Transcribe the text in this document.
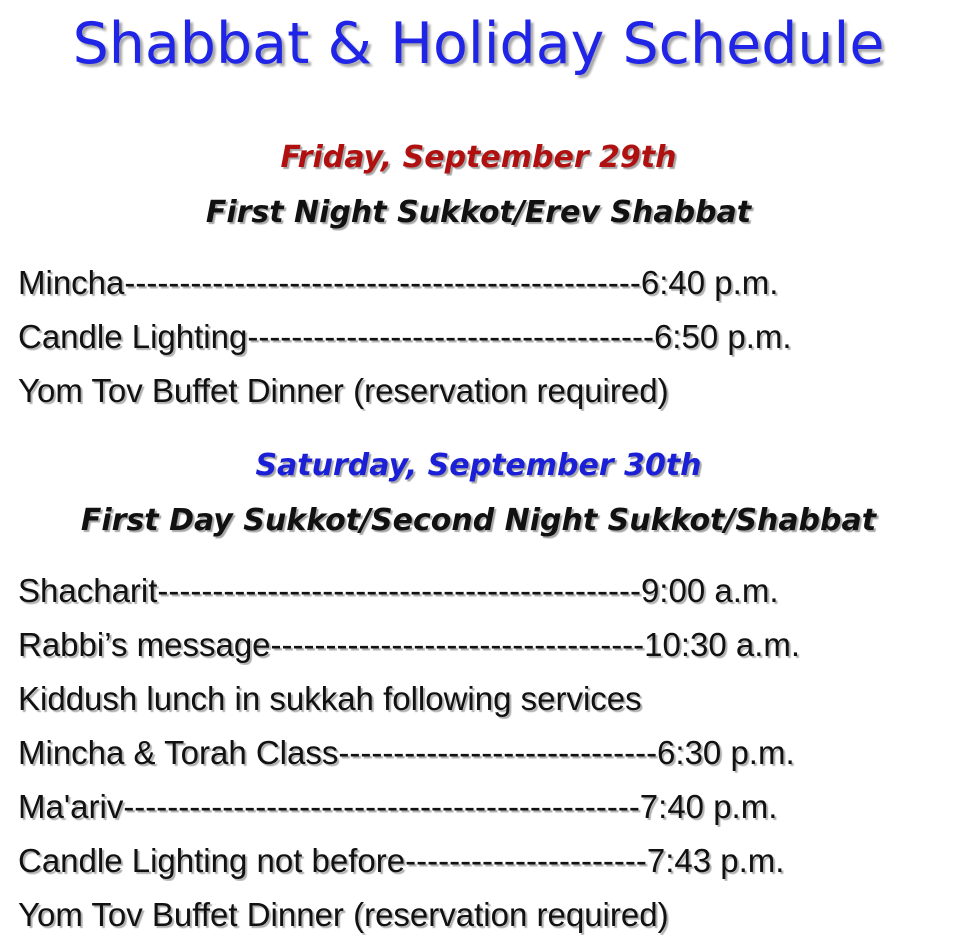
Shabbat & Holiday Schedule
Friday, September 29th
First Night Sukkot/Erev Shabbat
Mincha-----------------------------------------------6:40 p.m.
Candle Lighting-------------------------------------6:50 p.m.
Yom Tov Buffet Dinner (reservation required)
Saturday, September 30th
First Day Sukkot/Second Night Sukkot/Shabbat
Shacharit--------------------------------------------9:00 a.m.
Rabbi’s message----------------------------------10:30 a.m.
Kiddush lunch in sukkah following services
Mincha & Torah Class-----------------------------6:30 p.m.
Ma'ariv-----------------------------------------------7:40 p.m.
Candle Lighting not before----------------------7:43 p.m.
Yom Tov Buffet Dinner (reservation required)
